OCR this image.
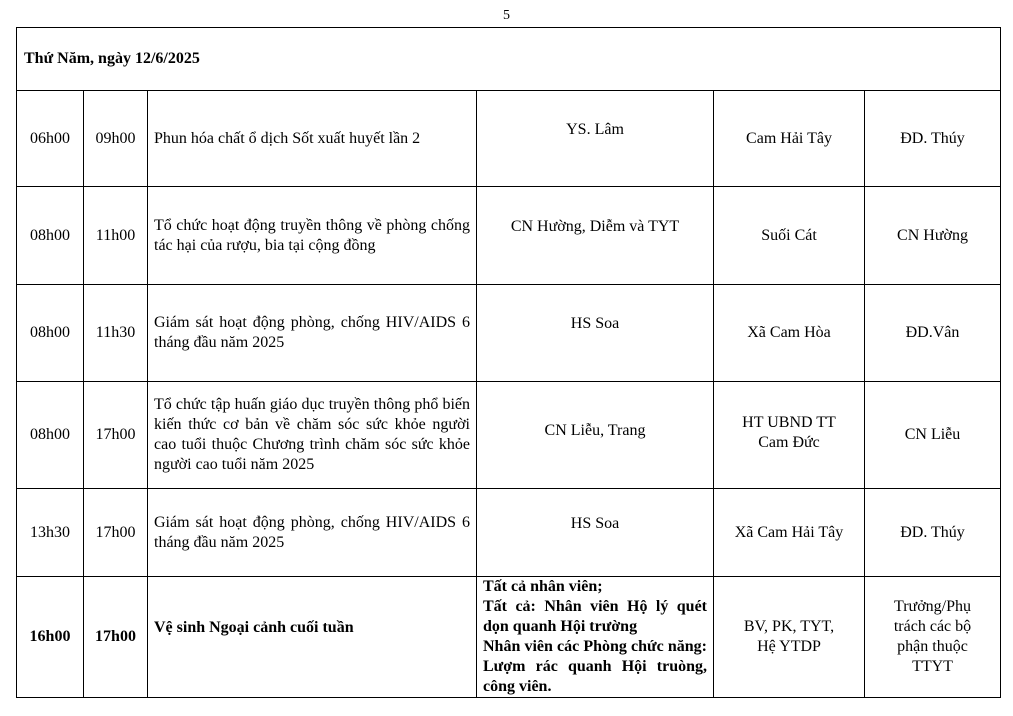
5
Thứ Năm, ngày 12/6/2025					
06h00	09h00	Phun hóa chất ổ dịch Sốt xuất huyết lần 2	YS. Lâm	Cam Hải Tây	ĐD. Thúy
08h00	11h00	Tổ chức hoạt động truyền thông về phòng chống tác hại của rượu, bia tại cộng đồng	CN Hường, Diễm và TYT	Suối Cát	CN Hường
08h00	11h30	Giám sát hoạt động phòng, chống HIV/AIDS 6 tháng đầu năm 2025	HS Soa	Xã Cam Hòa	ĐD.Vân
08h00	17h00	Tổ chức tập huấn giáo dục truyền thông phổ biến kiến thức cơ bản về chăm sóc sức khỏe người cao tuổi thuộc Chương trình chăm sóc sức khỏe người cao tuổi năm 2025	CN Liễu, Trang	HT UBND TT Cam Đức	CN Liễu
13h30	17h00	Giám sát hoạt động phòng, chống HIV/AIDS 6 tháng đầu năm 2025	HS Soa	Xã Cam Hải Tây	ĐD. Thúy
16h00	17h00	Vệ sinh Ngoại cảnh cuối tuần	Tất cả nhân viên;
Tất cả: Nhân viên Hộ lý quét dọn quanh Hội trường
Nhân viên các Phòng chức năng: Lượm rác quanh Hội truòng, công viên.	BV, PK, TYT, Hệ YTDP	Trưởng/Phụ trách các bộ phận thuộc TTYT
